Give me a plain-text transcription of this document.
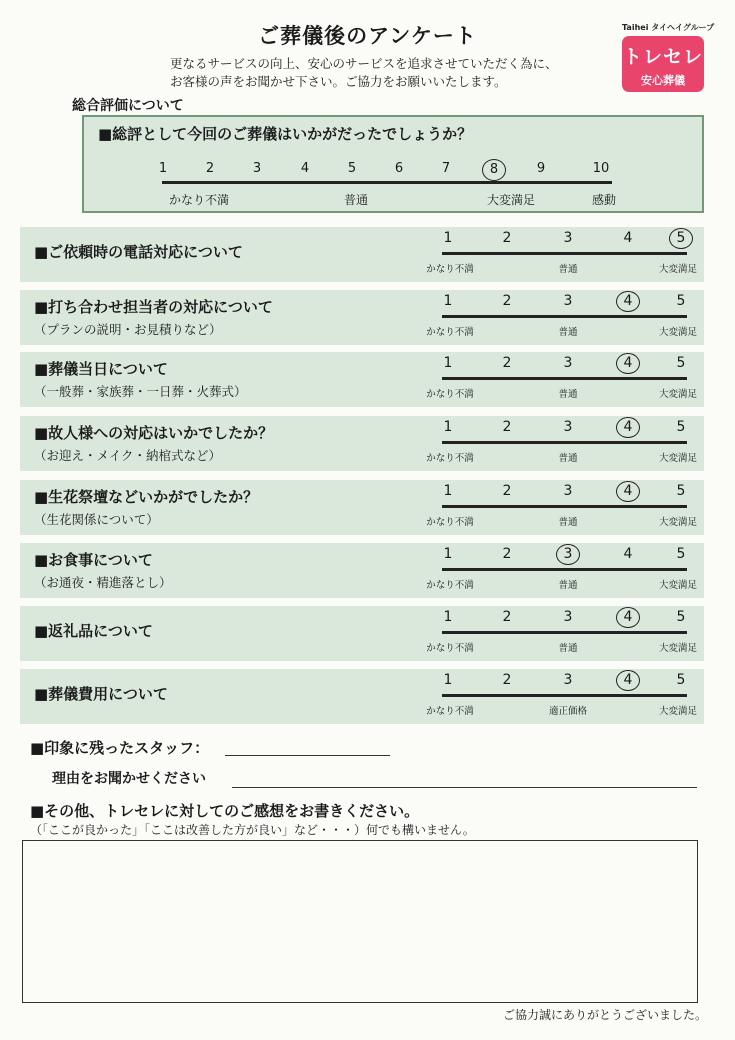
ご葬儀後のアンケート
更なるサービスの向上、安心のサービスを追求させていただく為に、
お客様の声をお聞かせ下さい。ご協力をお願いいたします。
Taihei タイヘイグループ
トレセレ
安心葬儀
総合評価について
■総評として今回のご葬儀はいかがだったでしょうか？
1	2	3	4	5	6	7	8	9	10
かなり不満	普通	大変満足	感動
■ご依頼時の電話対応について
1	2	3	4	5
かなり不満	普通	大変満足
■打ち合わせ担当者の対応について
（プランの説明・お見積りなど）
1	2	3	4	5
かなり不満	普通	大変満足
■葬儀当日について
（一般葬・家族葬・一日葬・火葬式）
1	2	3	4	5
かなり不満	普通	大変満足
■故人様への対応はいかでしたか？
（お迎え・メイク・納棺式など）
1	2	3	4	5
かなり不満	普通	大変満足
■生花祭壇などいかがでしたか？
（生花関係について）
1	2	3	4	5
かなり不満	普通	大変満足
■お食事について
（お通夜・精進落とし）
1	2	3	4	5
かなり不満	普通	大変満足
■返礼品について
1	2	3	4	5
かなり不満	普通	大変満足
■葬儀費用について
1	2	3	4	5
かなり不満	適正価格	大変満足
■印象に残ったスタッフ：
理由をお聞かせください
■その他、トレセレに対してのご感想をお書きください。
（「ここが良かった」「ここは改善した方が良い」など・・・）何でも構いません。
ご協力誠にありがとうございました。
